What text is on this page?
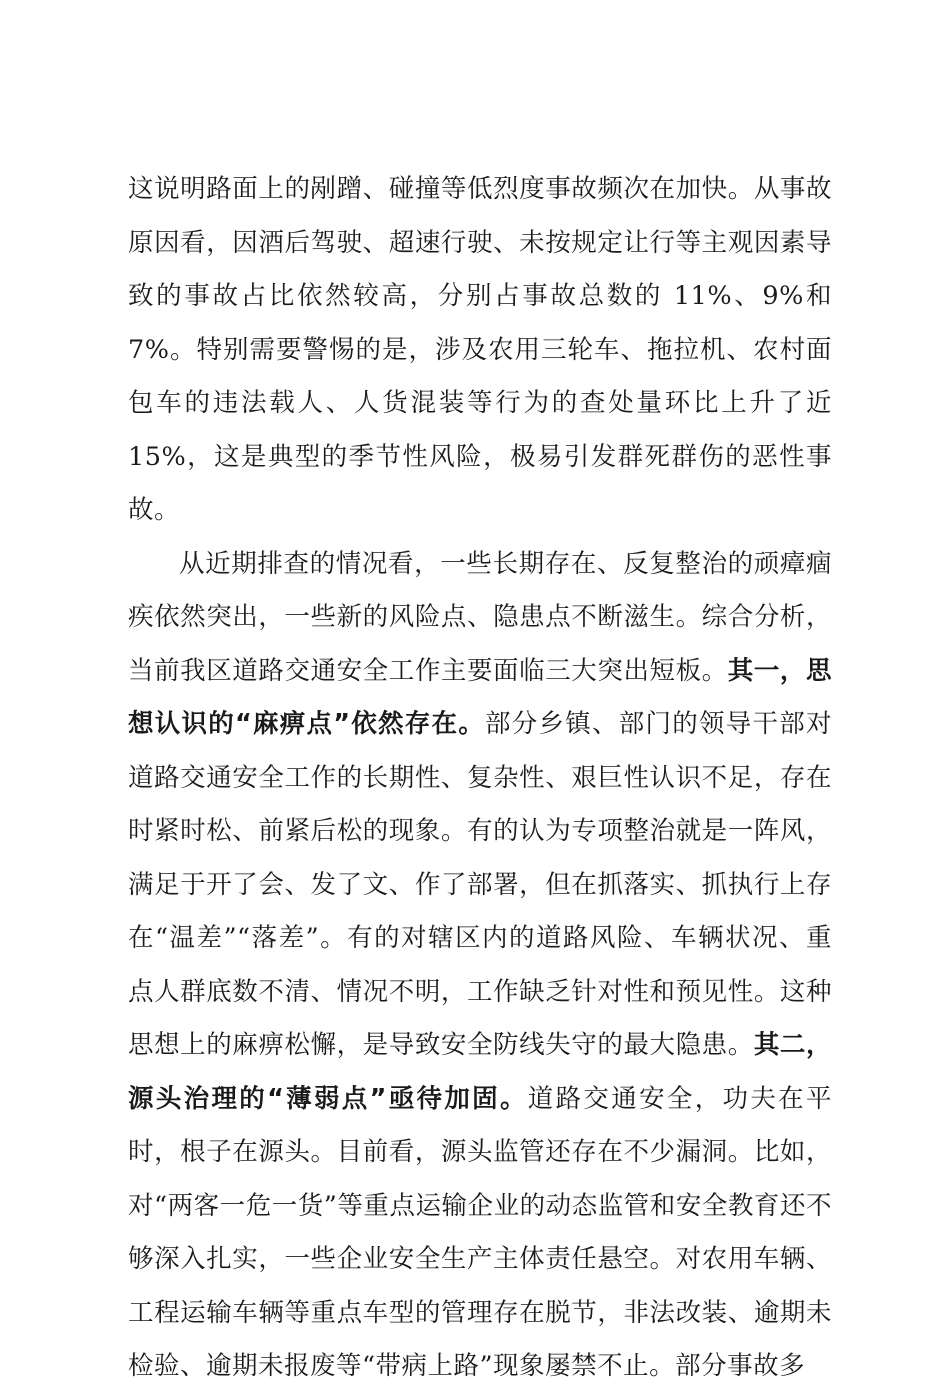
这说明路面上的剐蹭、碰撞等低烈度事故频次在加快。从事故原因看，因酒后驾驶、超速行驶、未按规定让行等主观因素导致的事故占比依然较高，分别占事故总数的 11%、9%和 7%。特别需要警惕的是，涉及农用三轮车、拖拉机、农村面包车的违法载人、人货混装等行为的查处量环比上升了近 15%，这是典型的季节性风险，极易引发群死群伤的恶性事故。

从近期排查的情况看，一些长期存在、反复整治的顽瘴痼疾依然突出，一些新的风险点、隐患点不断滋生。综合分析，当前我区道路交通安全工作主要面临三大突出短板。其一，思想认识的“麻痹点”依然存在。部分乡镇、部门的领导干部对道路交通安全工作的长期性、复杂性、艰巨性认识不足，存在时紧时松、前紧后松的现象。有的认为专项整治就是一阵风，满足于开了会、发了文、作了部署，但在抓落实、抓执行上存在“温差”“落差”。有的对辖区内的道路风险、车辆状况、重点人群底数不清、情况不明，工作缺乏针对性和预见性。这种思想上的麻痹松懈，是导致安全防线失守的最大隐患。其二，源头治理的“薄弱点”亟待加固。道路交通安全，功夫在平时，根子在源头。目前看，源头监管还存在不少漏洞。比如，对“两客一危一货”等重点运输企业的动态监管和安全教育还不够深入扎实，一些企业安全生产主体责任悬空。对农用车辆、工程运输车辆等重点车型的管理存在脱节，非法改装、逾期未检验、逾期未报废等“带病上路”现象屡禁不止。部分事故多
